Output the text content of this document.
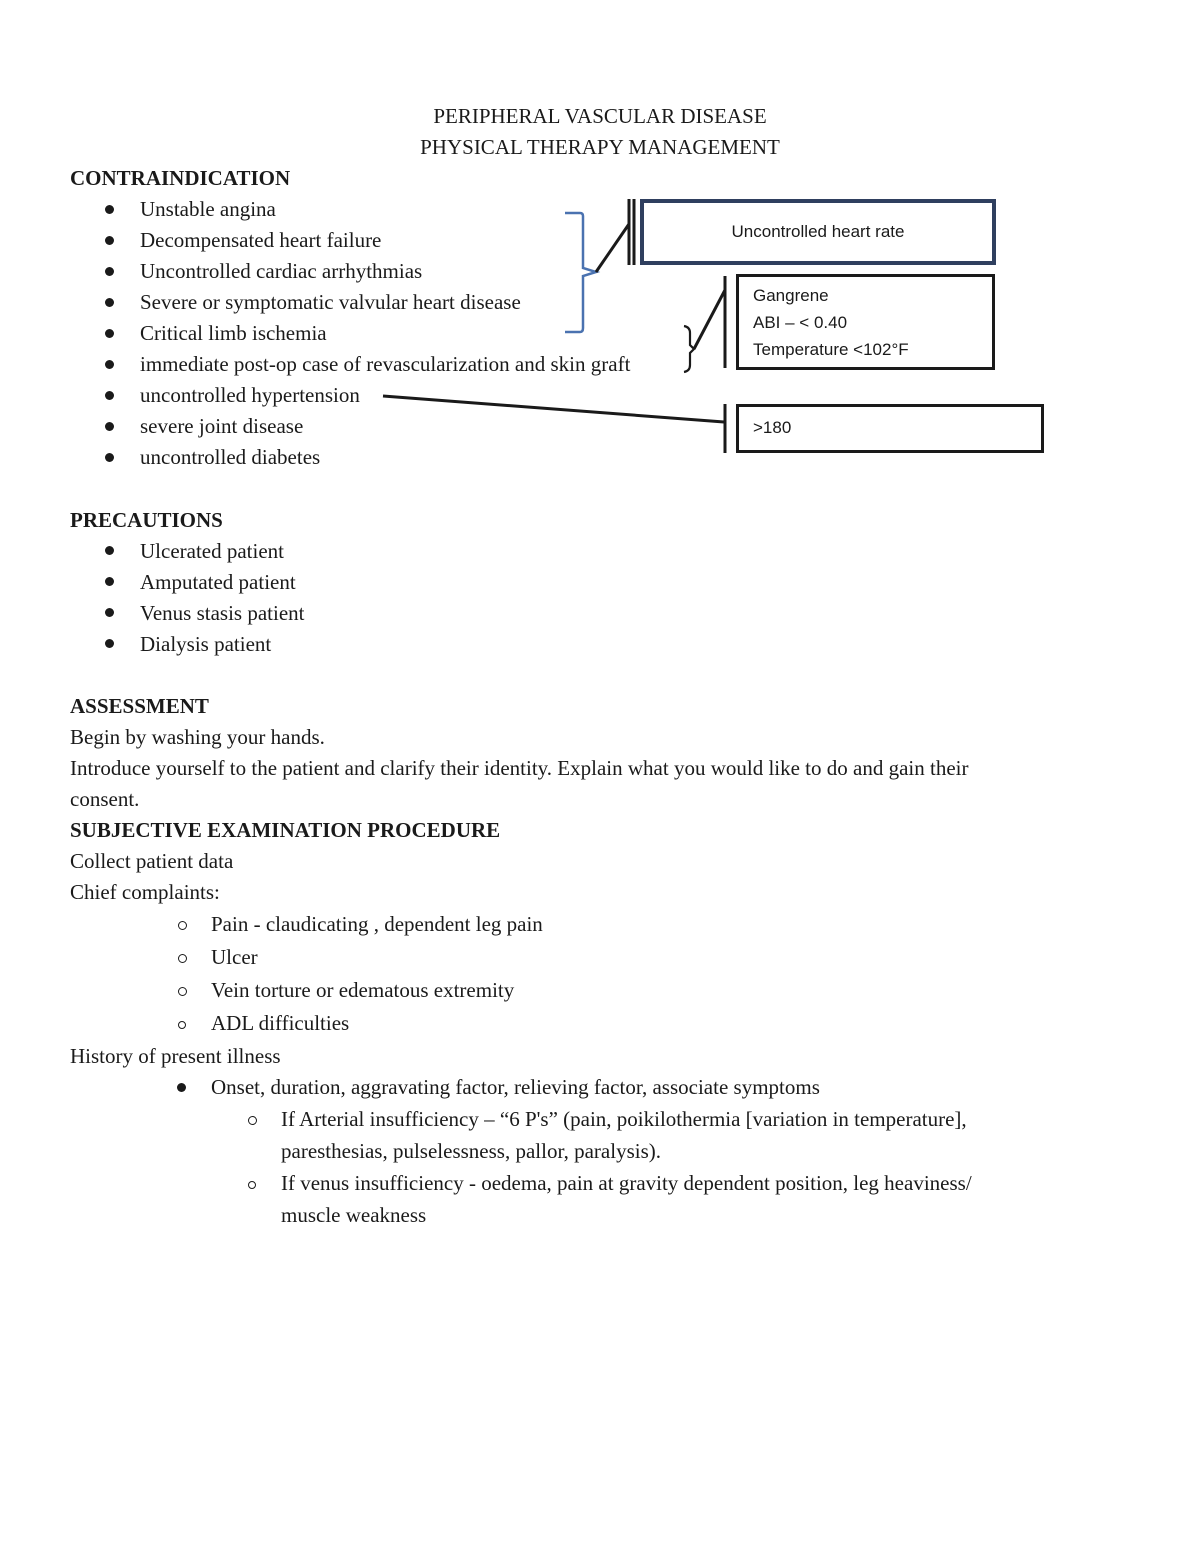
PERIPHERAL VASCULAR DISEASE
PHYSICAL THERAPY MANAGEMENT
CONTRAINDICATION
Unstable angina
Decompensated heart failure
Uncontrolled cardiac arrhythmias
Severe or symptomatic valvular heart disease
Critical limb ischemia
immediate post-op case of revascularization and skin graft
uncontrolled hypertension
severe joint disease
uncontrolled diabetes
Uncontrolled heart rate
Gangrene
ABI – < 0.40
Temperature <102°F
>180
PRECAUTIONS
Ulcerated patient
Amputated patient
Venus stasis patient
Dialysis patient
ASSESSMENT
Begin by washing your hands.
Introduce yourself to the patient and clarify their identity. Explain what you would like to do and gain their
consent.
SUBJECTIVE EXAMINATION PROCEDURE
Collect patient data
Chief complaints:
Pain - claudicating , dependent leg pain
Ulcer
Vein torture or edematous extremity
ADL difficulties
History of present illness
Onset, duration, aggravating factor, relieving factor, associate symptoms
If Arterial insufficiency – “6 P's” (pain, poikilothermia [variation in temperature],
paresthesias, pulselessness, pallor, paralysis).
If venus insufficiency - oedema, pain at gravity dependent position, leg heaviness/
muscle weakness
